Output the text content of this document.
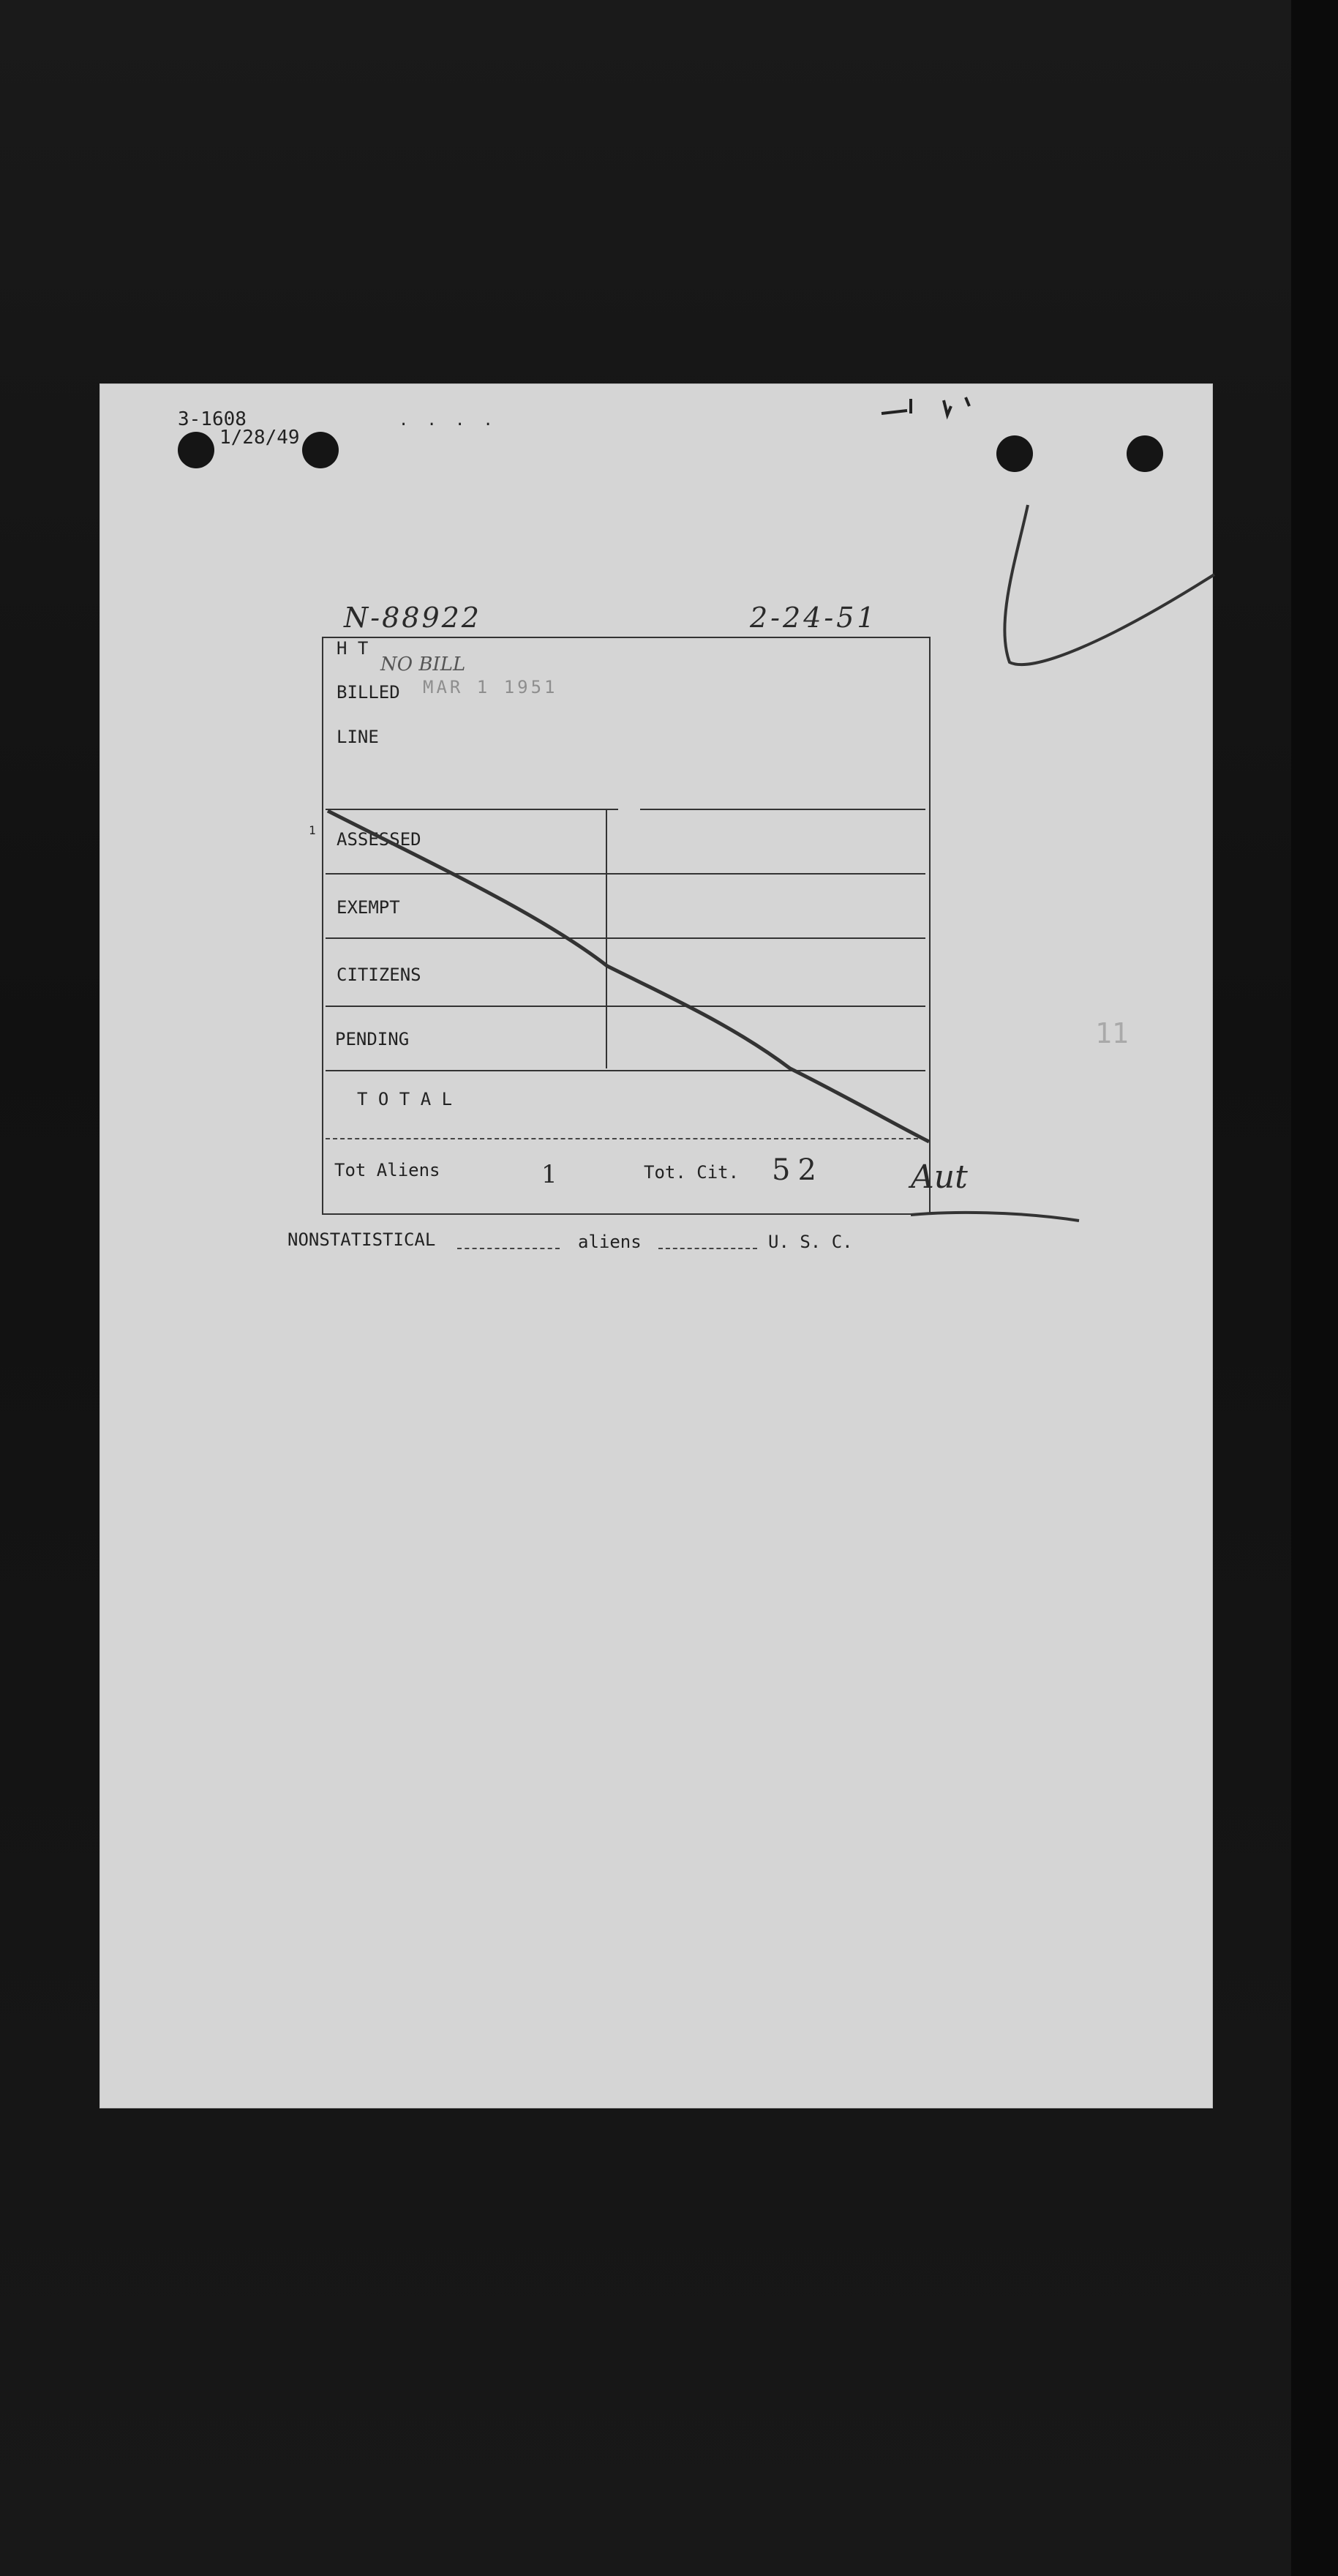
3-1608
1/28/49
· · · ·
N-88922	2-24-51
H T
NO BILL
BILLED MAR 1 1951
LINE
1 ASSESSED
EXEMPT
CITIZENS
PENDING
T O T A L
Tot Aliens	1	Tot. Cit. 52	Aut
11
NONSTATISTICAL	aliens	U. S. C.
